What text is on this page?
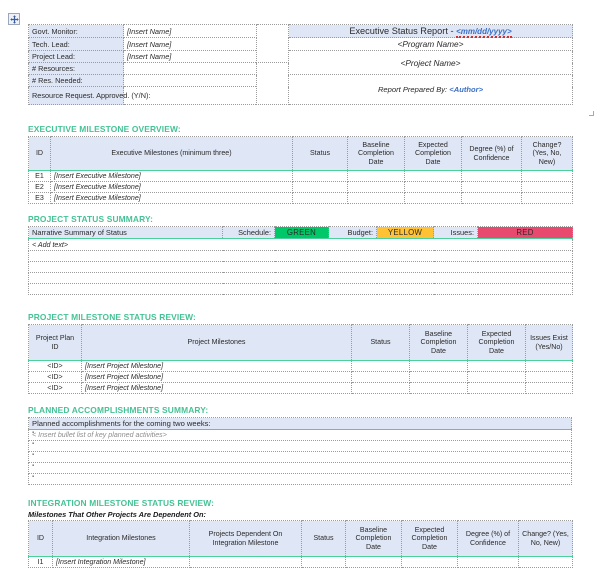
Govt. Monitor:	[Insert Name]		Executive Status Report - <mm/dd/yyyy>
Tech. Lead:	[Insert Name]		<Program Name>
Project Lead:	[Insert Name]		<Project Name>
# Resources:			
# Res. Needed:			Report Prepared By: <Author>
Resource Request. Approved. (Y/N):			
EXECUTIVE MILESTONE OVERVIEW:
ID	Executive Milestones (minimum three)	Status	Baseline Completion Date	Expected Completion Date	Degree (%) of Confidence	Change? (Yes, No, New)
E1	[Insert Executive Milestone]					
E2	[Insert Executive Milestone]					
E3	[Insert Executive Milestone]					
PROJECT STATUS SUMMARY:
Narrative Summary of Status	Schedule:	GREEN	Budget:	YELLOW	Issues:	RED
< Add text>

PROJECT MILESTONE STATUS REVIEW:
Project Plan ID	Project Milestones	Status	Baseline Completion Date	Expected Completion Date	Issues Exist (Yes/No)
<ID>	[Insert Project Milestone]				
<ID>	[Insert Project Milestone]				
<ID>	[Insert Project Milestone]				
PLANNED ACCOMPLISHMENTS SUMMARY:
Planned accomplishments for the coming two weeks:
▪ < Insert bullet list of key planned activities>
▪
▪
▪
▪
INTEGRATION MILESTONE STATUS REVIEW:
Milestones That Other Projects Are Dependent On:
ID	Integration Milestones	Projects Dependent On Integration Milestone	Status	Baseline Completion Date	Expected Completion Date	Degree (%) of Confidence	Change? (Yes, No, New)
I1	[Insert Integration Milestone]						
